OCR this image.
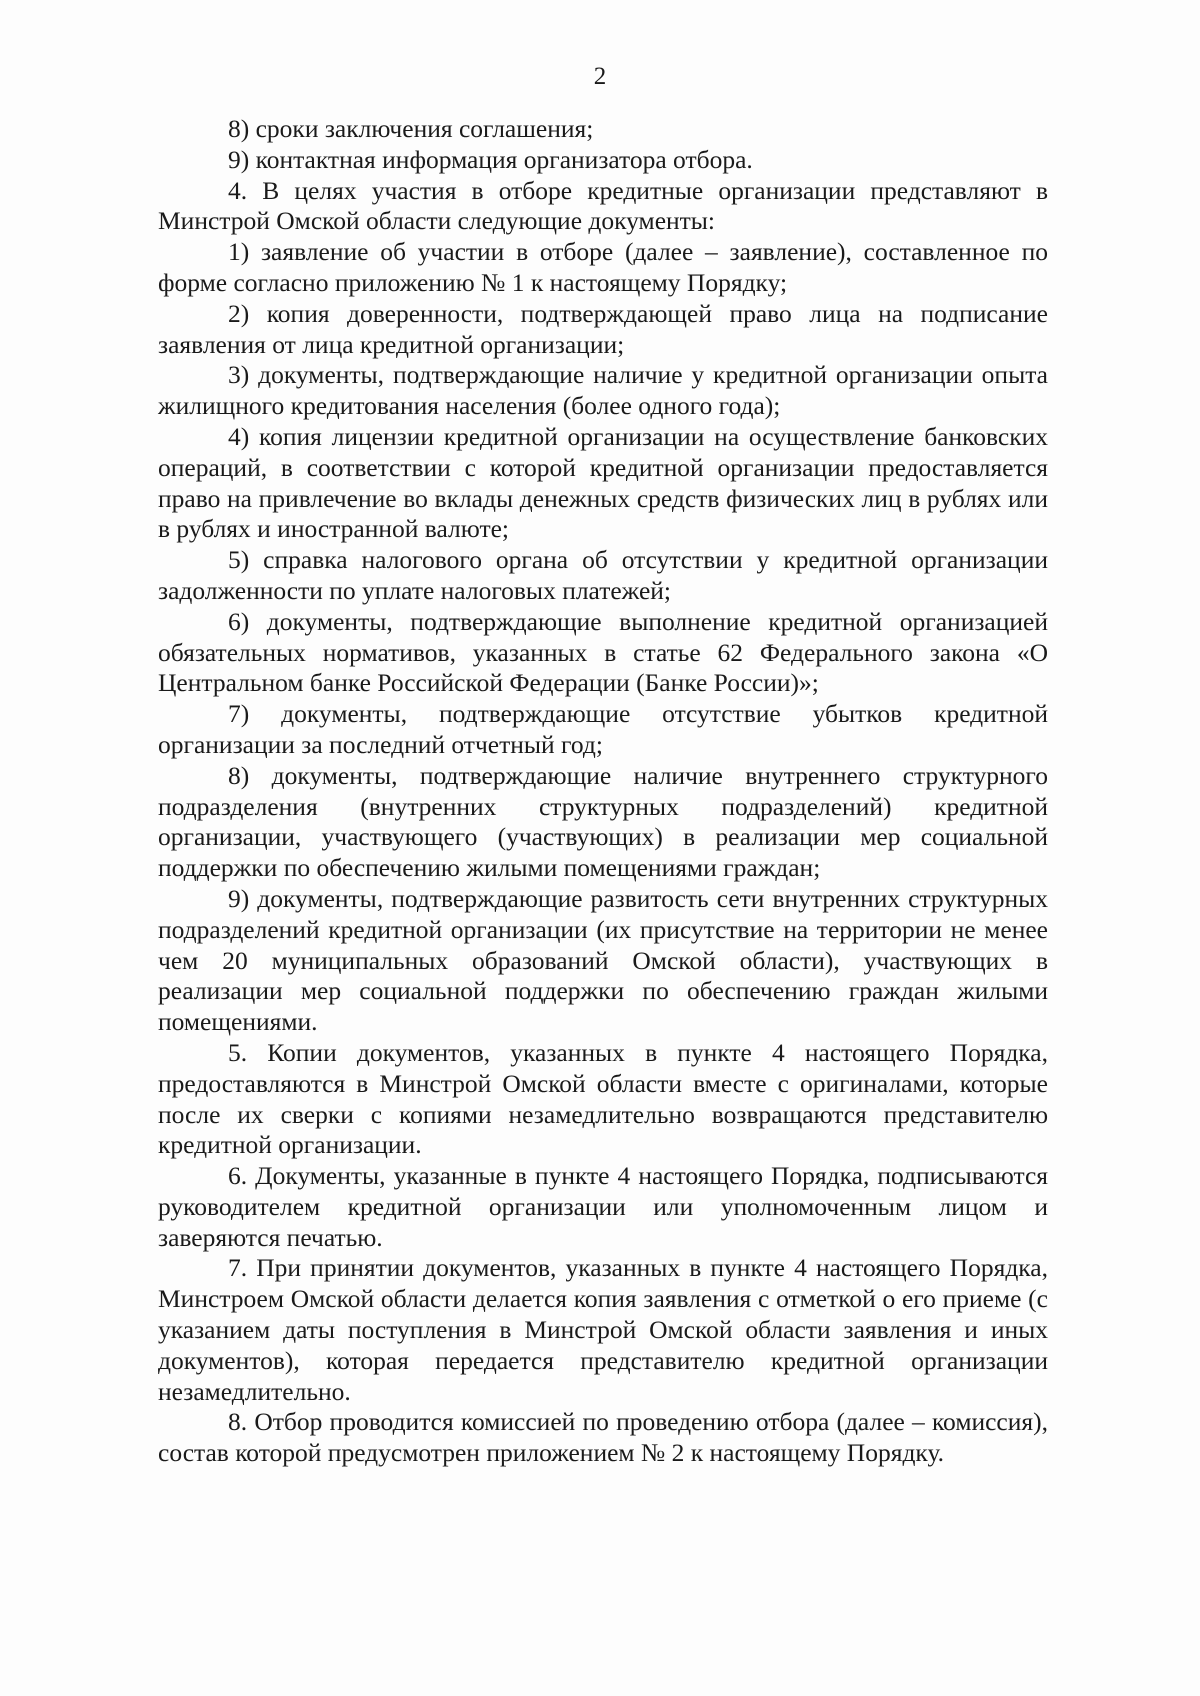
2

8) сроки заключения соглашения;

9) контактная информация организатора отбора.

4. В целях участия в отборе кредитные организации представляют в Минстрой Омской области следующие документы:

1) заявление об участии в отборе (далее – заявление), составленное по форме согласно приложению № 1 к настоящему Порядку;

2) копия доверенности, подтверждающей право лица на подписание заявления от лица кредитной организации;

3) документы, подтверждающие наличие у кредитной организации опыта жилищного кредитования населения (более одного года);

4) копия лицензии кредитной организации на осуществление банковских операций, в соответствии с которой кредитной организации предоставляется право на привлечение во вклады денежных средств физических лиц в рублях или в рублях и иностранной валюте;

5) справка налогового органа об отсутствии у кредитной организации задолженности по уплате налоговых платежей;

6) документы, подтверждающие выполнение кредитной организацией обязательных нормативов, указанных в статье 62 Федерального закона «О Центральном банке Российской Федерации (Банке России)»;

7) документы, подтверждающие отсутствие убытков кредитной организации за последний отчетный год;

8) документы, подтверждающие наличие внутреннего структурного подразделения (внутренних структурных подразделений) кредитной организации, участвующего (участвующих) в реализации мер социальной поддержки по обеспечению жилыми помещениями граждан;

9) документы, подтверждающие развитость сети внутренних структурных подразделений кредитной организации (их присутствие на территории не менее чем 20 муниципальных образований Омской области), участвующих в реализации мер социальной поддержки по обеспечению граждан жилыми помещениями.

5. Копии документов, указанных в пункте 4 настоящего Порядка, предоставляются в Минстрой Омской области вместе с оригиналами, которые после их сверки с копиями незамедлительно возвращаются представителю кредитной организации.

6. Документы, указанные в пункте 4 настоящего Порядка, подписываются руководителем кредитной организации или уполномоченным лицом и заверяются печатью.

7. При принятии документов, указанных в пункте 4 настоящего Порядка, Минстроем Омской области делается копия заявления с отметкой о его приеме (с указанием даты поступления в Минстрой Омской области заявления и иных документов), которая передается представителю кредитной организации незамедлительно.

8. Отбор проводится комиссией по проведению отбора (далее – комиссия), состав которой предусмотрен приложением № 2 к настоящему Порядку.
